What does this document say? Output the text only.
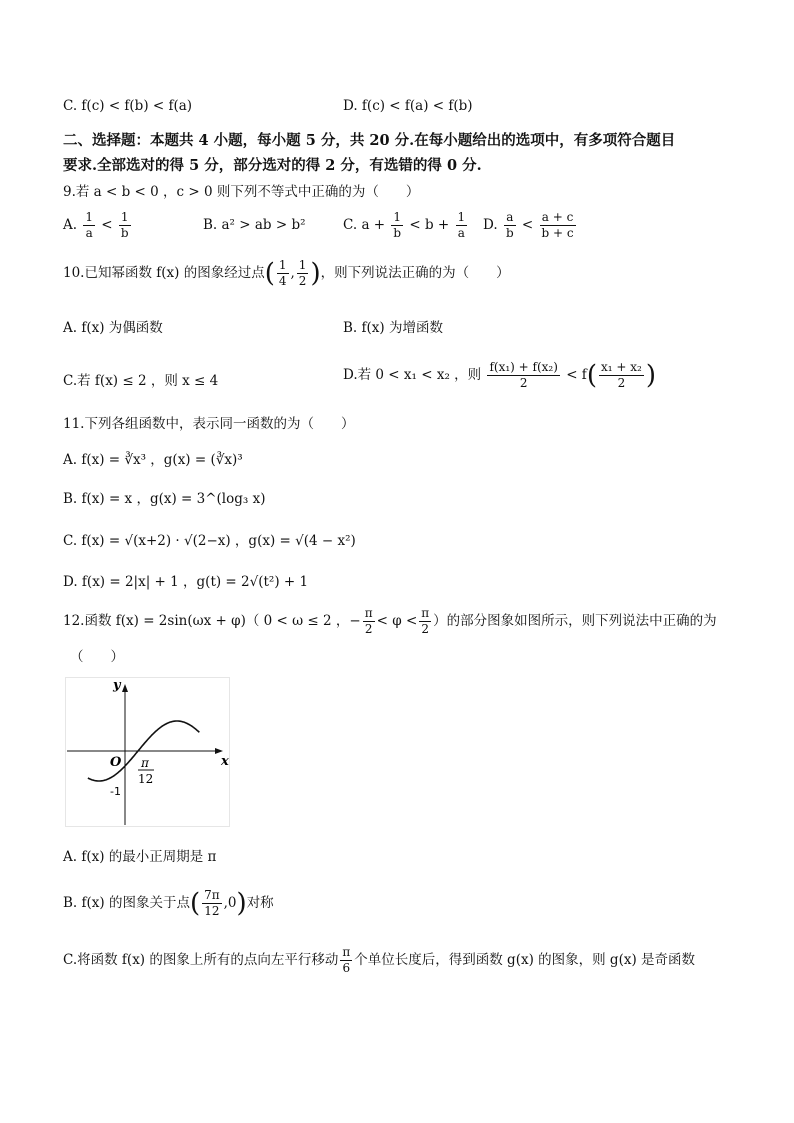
C. f(c) < f(b) < f(a)	D. f(c) < f(a) < f(b)
二、选择题：本题共 4 小题，每小题 5 分，共 20 分.在每小题给出的选项中，有多项符合题目
要求.全部选对的得 5 分，部分选对的得 2 分，有选错的得 0 分.
9.若 a < b < 0 ，c > 0 则下列不等式中正确的为（　　）
A. $\frac{1}{a} < \frac{1}{b}$	B. a² > ab > b²	C. $a + \frac{1}{b} < b + \frac{1}{a} D$. $\frac{a}{b} < \frac{a + c}{b + c}$
10.已知幂函数 f(x) 的图象经过点( $\frac{1}{4}$ , $\frac{1}{2}$ )，则下列说法正确的为（　　）
A. f(x) 为偶函数	B. f(x) 为增函数
C.若 f(x) ≤ 2 ，则 x ≤ 4	D.若 0 < x₁ < x₂ ，则 $\frac{\text{f(x₁) + f(x₂)}}{2} < f( \frac{\text{x₁ + x₂}}{2}$ )
11.下列各组函数中，表示同一函数的为（　　）
A. f(x) = ∛x³ ，g(x) = (∛x)³
B. f(x) = x ，g(x) = 3^(log₃ x)
C. f(x) = √(x+2) · √(2−x) ，g(x) = √(4 − x²)
D. f(x) = 2|x| + 1 ，g(t) = 2√(t²) + 1
12.函数 f(x) = 2sin(ωx + φ)（ 0 < ω ≤ 2 ，− $\frac{\pi}{2} < \varphi < \frac{\pi}{2}$ ）的部分图象如图所示，则下列说法中正确的为
（　　）
y
x
O
-1
π
12
A. f(x) 的最小正周期是 π
B. f(x) 的图象关于点( $\frac{7\pi}{12} ,0$)对称
C.将函数 f(x) 的图象上所有的点向左平行移动 $\frac{\pi}{6}$ 个单位长度后，得到函数 g(x) 的图象，则 g(x) 是奇函数
